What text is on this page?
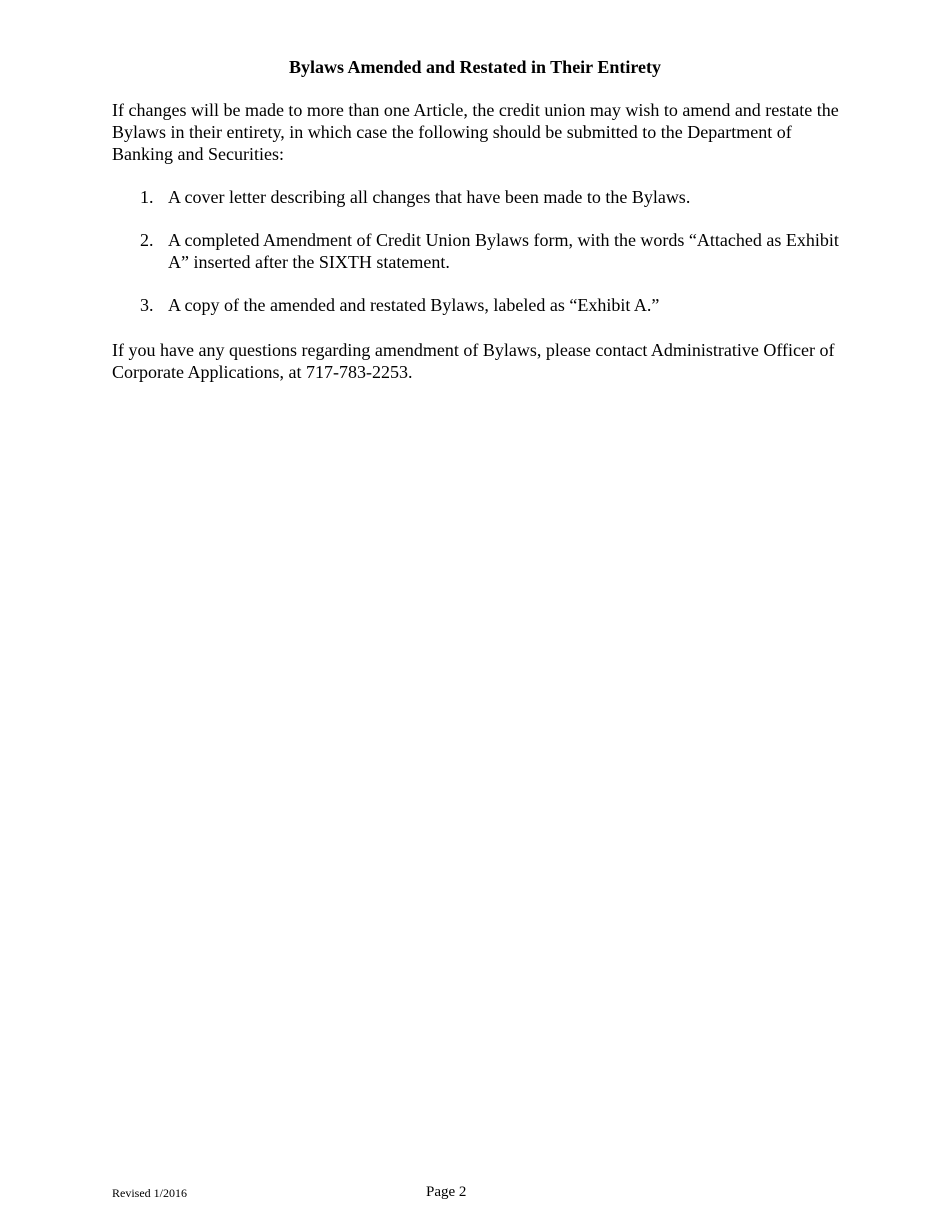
Bylaws Amended and Restated in Their Entirety
If changes will be made to more than one Article, the credit union may wish to amend and restate the Bylaws in their entirety, in which case the following should be submitted to the Department of Banking and Securities:
1. A cover letter describing all changes that have been made to the Bylaws.
2. A completed Amendment of Credit Union Bylaws form, with the words “Attached as Exhibit A” inserted after the SIXTH statement.
3. A copy of the amended and restated Bylaws, labeled as “Exhibit A.”
If you have any questions regarding amendment of Bylaws, please contact Administrative Officer of Corporate Applications, at 717-783-2253.
Revised 1/2016	Page 2
